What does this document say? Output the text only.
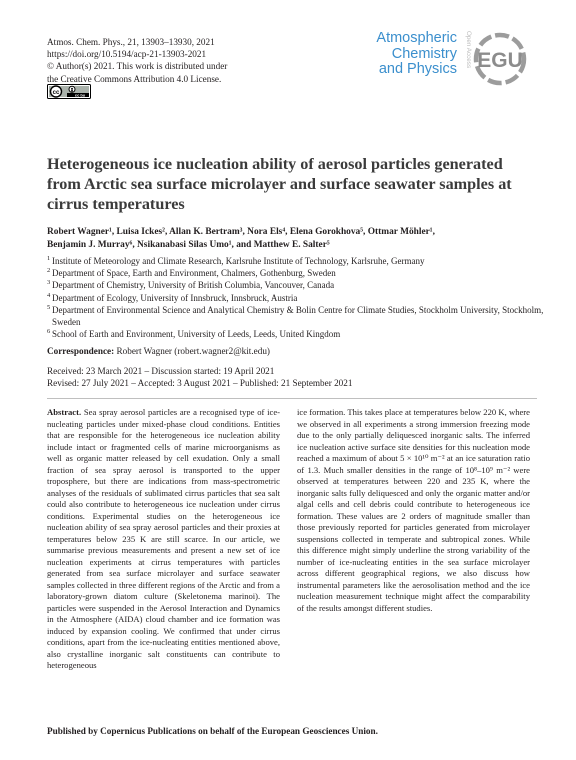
Atmos. Chem. Phys., 21, 13903–13930, 2021
https://doi.org/10.5194/acp-21-13903-2021
© Author(s) 2021. This work is distributed under
the Creative Commons Attribution 4.0 License.
cc	cc by
Atmospheric
Chemistry
and Physics
Open Access EGU
Heterogeneous ice nucleation ability of aerosol particles generated
from Arctic sea surface microlayer and surface seawater samples at
cirrus temperatures
Robert Wagner¹, Luisa Ickes², Allan K. Bertram³, Nora Els⁴, Elena Gorokhova⁵, Ottmar Möhler¹,
Benjamin J. Murray⁶, Nsikanabasi Silas Umo¹, and Matthew E. Salter⁵
1 Institute of Meteorology and Climate Research, Karlsruhe Institute of Technology, Karlsruhe, Germany
2 Department of Space, Earth and Environment, Chalmers, Gothenburg, Sweden
3 Department of Chemistry, University of British Columbia, Vancouver, Canada
4 Department of Ecology, University of Innsbruck, Innsbruck, Austria
5 Department of Environmental Science and Analytical Chemistry & Bolin Centre for Climate Studies, Stockholm University, Stockholm, Sweden
6 School of Earth and Environment, University of Leeds, Leeds, United Kingdom
Correspondence: Robert Wagner (robert.wagner2@kit.edu)
Received: 23 March 2021 – Discussion started: 19 April 2021
Revised: 27 July 2021 – Accepted: 3 August 2021 – Published: 21 September 2021
Abstract. Sea spray aerosol particles are a recognised type of ice-nucleating particles under mixed-phase cloud conditions. Entities that are responsible for the heterogeneous ice nucleation ability include intact or fragmented cells of marine microorganisms as well as organic matter released by cell exudation. Only a small fraction of sea spray aerosol is transported to the upper troposphere, but there are indications from mass-spectrometric analyses of the residuals of sublimated cirrus particles that sea salt could also contribute to heterogeneous ice nucleation under cirrus conditions. Experimental studies on the heterogeneous ice nucleation ability of sea spray aerosol particles and their proxies at temperatures below 235 K are still scarce. In our article, we summarise previous measurements and present a new set of ice nucleation experiments at cirrus temperatures with particles generated from sea surface microlayer and surface seawater samples collected in three different regions of the Arctic and from a laboratory-grown diatom culture (Skeletonema marinoi). The particles were suspended in the Aerosol Interaction and Dynamics in the Atmosphere (AIDA) cloud chamber and ice formation was induced by expansion cooling. We confirmed that under cirrus conditions, apart from the ice-nucleating entities mentioned above, also crystalline inorganic salt constituents can contribute to heterogeneous
ice formation. This takes place at temperatures below 220 K, where we observed in all experiments a strong immersion freezing mode due to the only partially deliquesced inorganic salts. The inferred ice nucleation active surface site densities for this nucleation mode reached a maximum of about 5 × 10¹⁰ m⁻² at an ice saturation ratio of 1.3. Much smaller densities in the range of 10⁸–10⁹ m⁻² were observed at temperatures between 220 and 235 K, where the inorganic salts fully deliquesced and only the organic matter and/or algal cells and cell debris could contribute to heterogeneous ice formation. These values are 2 orders of magnitude smaller than those previously reported for particles generated from microlayer suspensions collected in temperate and subtropical zones. While this difference might simply underline the strong variability of the number of ice-nucleating entities in the sea surface microlayer across different geographical regions, we also discuss how instrumental parameters like the aerosolisation method and the ice nucleation measurement technique might affect the comparability of the results amongst different studies.
Published by Copernicus Publications on behalf of the European Geosciences Union.
